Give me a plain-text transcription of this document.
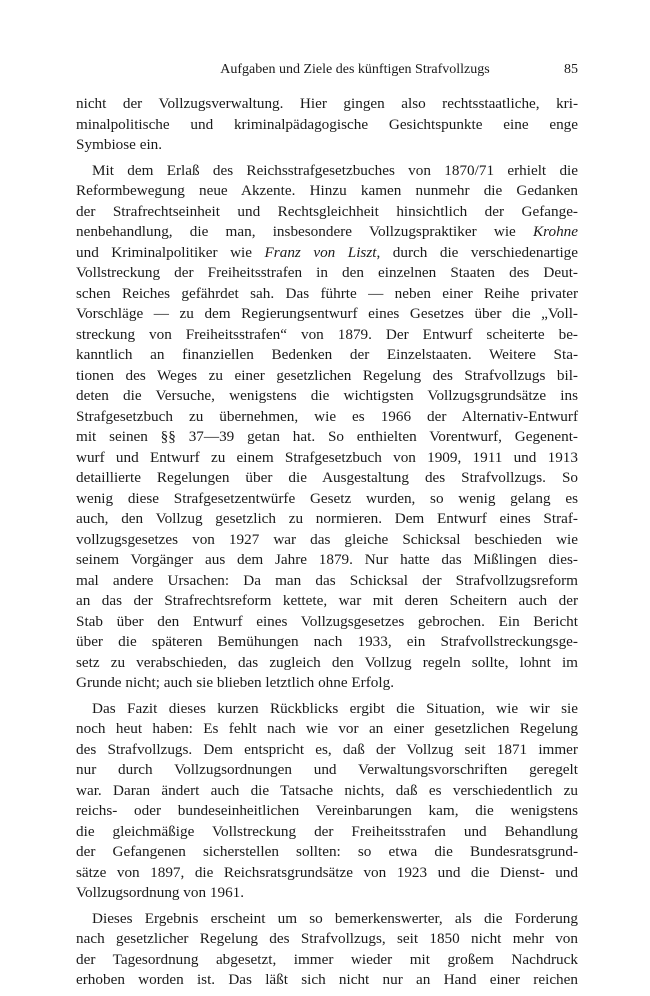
Aufgaben und Ziele des künftigen Strafvollzugs	85

nicht der Vollzugsverwaltung. Hier gingen also rechtsstaatliche, kri-
minalpolitische und kriminalpädagogische Gesichtspunkte eine enge
Symbiose ein.

Mit dem Erlaß des Reichsstrafgesetzbuches von 1870/71 erhielt die
Reformbewegung neue Akzente. Hinzu kamen nunmehr die Gedanken
der Strafrechtseinheit und Rechtsgleichheit hinsichtlich der Gefange-
nenbehandlung, die man, insbesondere Vollzugspraktiker wie Krohne
und Kriminalpolitiker wie Franz von Liszt, durch die verschiedenartige
Vollstreckung der Freiheitsstrafen in den einzelnen Staaten des Deut-
schen Reiches gefährdet sah. Das führte — neben einer Reihe privater
Vorschläge — zu dem Regierungsentwurf eines Gesetzes über die „Voll-
streckung von Freiheitsstrafen“ von 1879. Der Entwurf scheiterte be-
kanntlich an finanziellen Bedenken der Einzelstaaten. Weitere Sta-
tionen des Weges zu einer gesetzlichen Regelung des Strafvollzugs bil-
deten die Versuche, wenigstens die wichtigsten Vollzugsgrundsätze ins
Strafgesetzbuch zu übernehmen, wie es 1966 der Alternativ-Entwurf
mit seinen §§ 37—39 getan hat. So enthielten Vorentwurf, Gegenent-
wurf und Entwurf zu einem Strafgesetzbuch von 1909, 1911 und 1913
detaillierte Regelungen über die Ausgestaltung des Strafvollzugs. So
wenig diese Strafgesetzentwürfe Gesetz wurden, so wenig gelang es
auch, den Vollzug gesetzlich zu normieren. Dem Entwurf eines Straf-
vollzugsgesetzes von 1927 war das gleiche Schicksal beschieden wie
seinem Vorgänger aus dem Jahre 1879. Nur hatte das Mißlingen dies-
mal andere Ursachen: Da man das Schicksal der Strafvollzugsreform
an das der Strafrechtsreform kettete, war mit deren Scheitern auch der
Stab über den Entwurf eines Vollzugsgesetzes gebrochen. Ein Bericht
über die späteren Bemühungen nach 1933, ein Strafvollstreckungsge-
setz zu verabschieden, das zugleich den Vollzug regeln sollte, lohnt im
Grunde nicht; auch sie blieben letztlich ohne Erfolg.

Das Fazit dieses kurzen Rückblicks ergibt die Situation, wie wir sie
noch heut haben: Es fehlt nach wie vor an einer gesetzlichen Regelung
des Strafvollzugs. Dem entspricht es, daß der Vollzug seit 1871 immer
nur durch Vollzugsordnungen und Verwaltungsvorschriften geregelt
war. Daran ändert auch die Tatsache nichts, daß es verschiedentlich zu
reichs- oder bundeseinheitlichen Vereinbarungen kam, die wenigstens
die gleichmäßige Vollstreckung der Freiheitsstrafen und Behandlung
der Gefangenen sicherstellen sollten: so etwa die Bundesratsgrund-
sätze von 1897, die Reichsratsgrundsätze von 1923 und die Dienst- und
Vollzugsordnung von 1961.

Dieses Ergebnis erscheint um so bemerkenswerter, als die Forderung
nach gesetzlicher Regelung des Strafvollzugs, seit 1850 nicht mehr von
der Tagesordnung abgesetzt, immer wieder mit großem Nachdruck
erhoben worden ist. Das läßt sich nicht nur an Hand einer reichen
